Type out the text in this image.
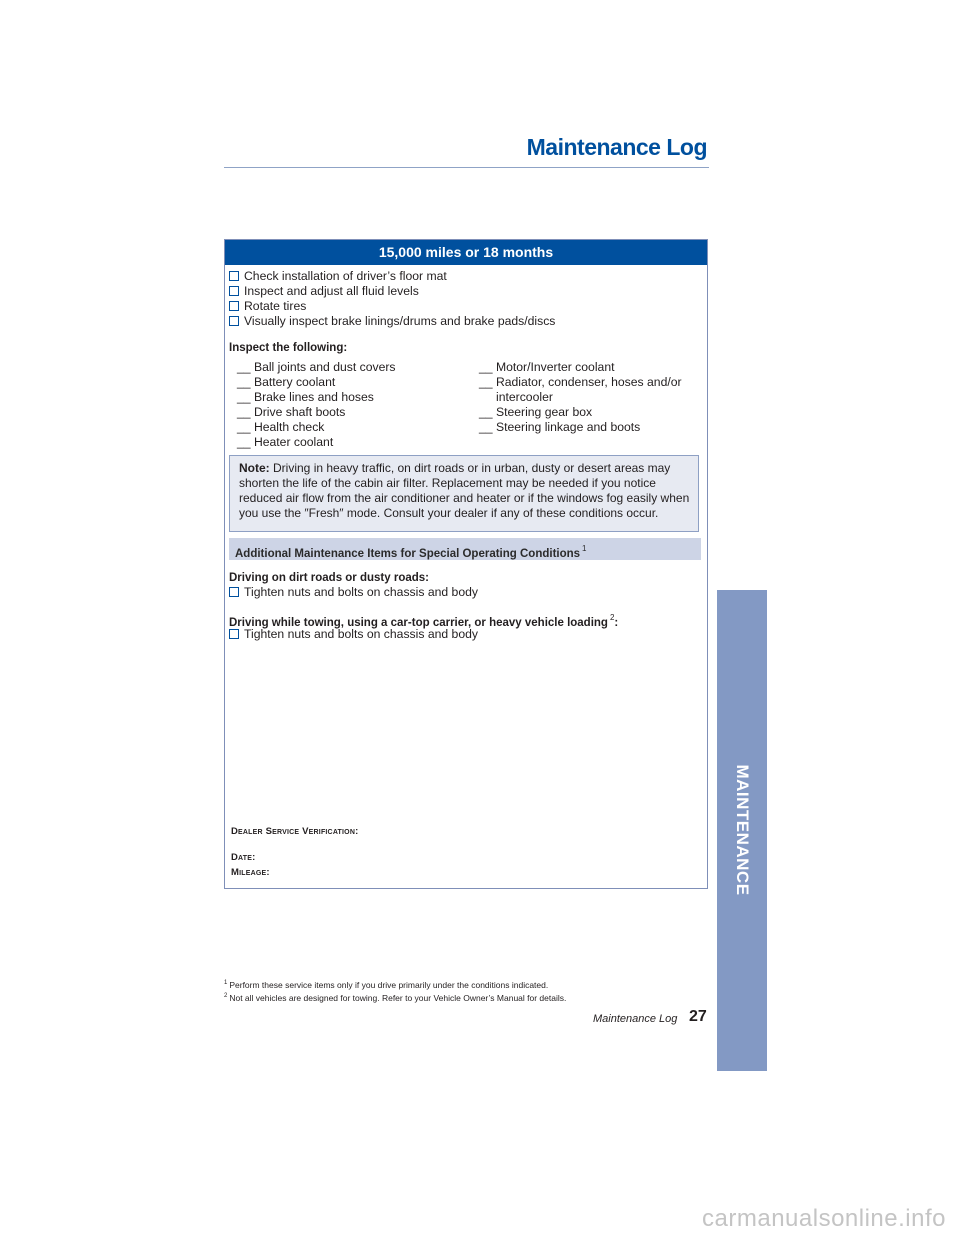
Maintenance Log
15,000 miles or 18 months
Check installation of driver’s floor mat
Inspect and adjust all fluid levels
Rotate tires
Visually inspect brake linings/drums and brake pads/discs
Inspect the following:
__ Ball joints and dust covers
__ Battery coolant
__ Brake lines and hoses
__ Drive shaft boots
__ Health check
__ Heater coolant
__ Motor/Inverter coolant
__ Radiator, condenser, hoses and/or
intercooler
__ Steering gear box
__ Steering linkage and boots
Note: Driving in heavy traffic, on dirt roads or in urban, dusty or desert areas may
shorten the life of the cabin air filter. Replacement may be needed if you notice
reduced air flow from the air conditioner and heater or if the windows fog easily when
you use the ″Fresh″ mode. Consult your dealer if any of these conditions occur.
Additional Maintenance Items for Special Operating Conditions $^1$
Driving on dirt roads or dusty roads:
Tighten nuts and bolts on chassis and body
Driving while towing, using a car-top carrier, or heavy vehicle loading $^2$:
Tighten nuts and bolts on chassis and body
Dealer Service Verification:
Date:
Mileage:
$^1$ Perform these service items only if you drive primarily under the conditions indicated.
$^2$ Not all vehicles are designed for towing. Refer to your Vehicle Owner’s Manual for details.
Maintenance Log 27
MAINTENANCE
carmanualsonline.info
